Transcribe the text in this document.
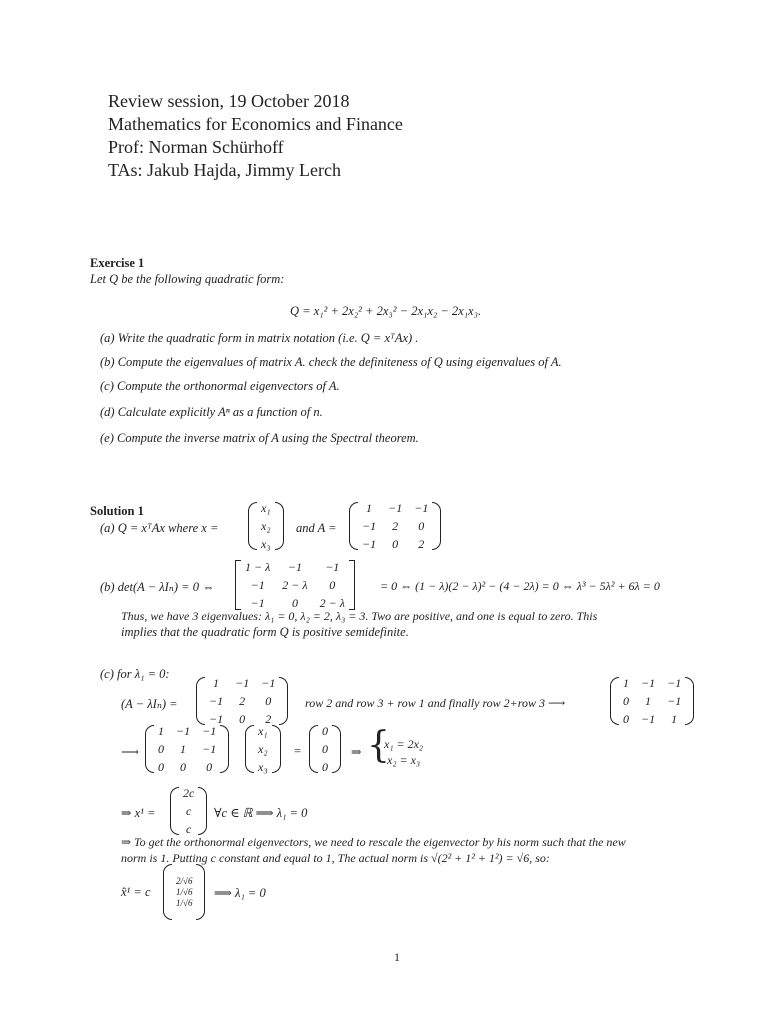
Review session, 19 October 2018
Mathematics for Economics and Finance
Prof: Norman Schürhoff
TAs: Jakub Hajda, Jimmy Lerch
Exercise 1
Let Q be the following quadratic form:
Q = x₁² + 2x₂² + 2x₃² − 2x₁x₂ − 2x₁x₃.
(a) Write the quadratic form in matrix notation (i.e. Q = xᵀAx) .
(b) Compute the eigenvalues of matrix A. check the definiteness of Q using eigenvalues of A.
(c) Compute the orthonormal eigenvectors of A.
(d) Calculate explicitly Aⁿ as a function of n.
(e) Compute the inverse matrix of A using the Spectral theorem.
Solution 1
(a) Q = xᵀAx where x =
x₁
x₂
x₃
and A =
1	−1 −1
−1	2	0
−1	0	2
(b) det(A − λIₙ) = 0 ⇔
1 − λ	−1	−1
−1	2 − λ	0
−1	0	2 − λ
= 0 ⇔ (1 − λ)(2 − λ)² − (4 − 2λ) = 0 ⇔ λ³ − 5λ² + 6λ = 0
Thus, we have 3 eigenvalues: λ₁ = 0, λ₂ = 2, λ₃ = 3. Two are positive, and one is equal to zero. This
implies that the quadratic form Q is positive semidefinite.
(c) for λ₁ = 0:
(A − λIₙ) =
1	−1 −1
−1	2	0
−1	0	2
row 2 and row 3 + row 1 and finally row 2+row 3 ⟶
1 −1 −1
0	1	−1
0 −1	1
⟶
1 −1 −1
0	1	−1
0	0	0
x₁
x₂
x₃
=
0
0
0
⇒ {
x₁ = 2x₂
x₂ = x₃
⇒ x¹ =
2c
c
c
∀c ∈ ℝ ⟹ λ₁ = 0
⇒ To get the orthonormal eigenvectors, we need to rescale the eigenvector by his norm such that the new
norm is 1. Putting c constant and equal to 1, The actual norm is √(2² + 1² + 1²) = √6, so:
x̂¹ = c
2/√6
1/√6
1/√6
⟹ λ₁ = 0
1
